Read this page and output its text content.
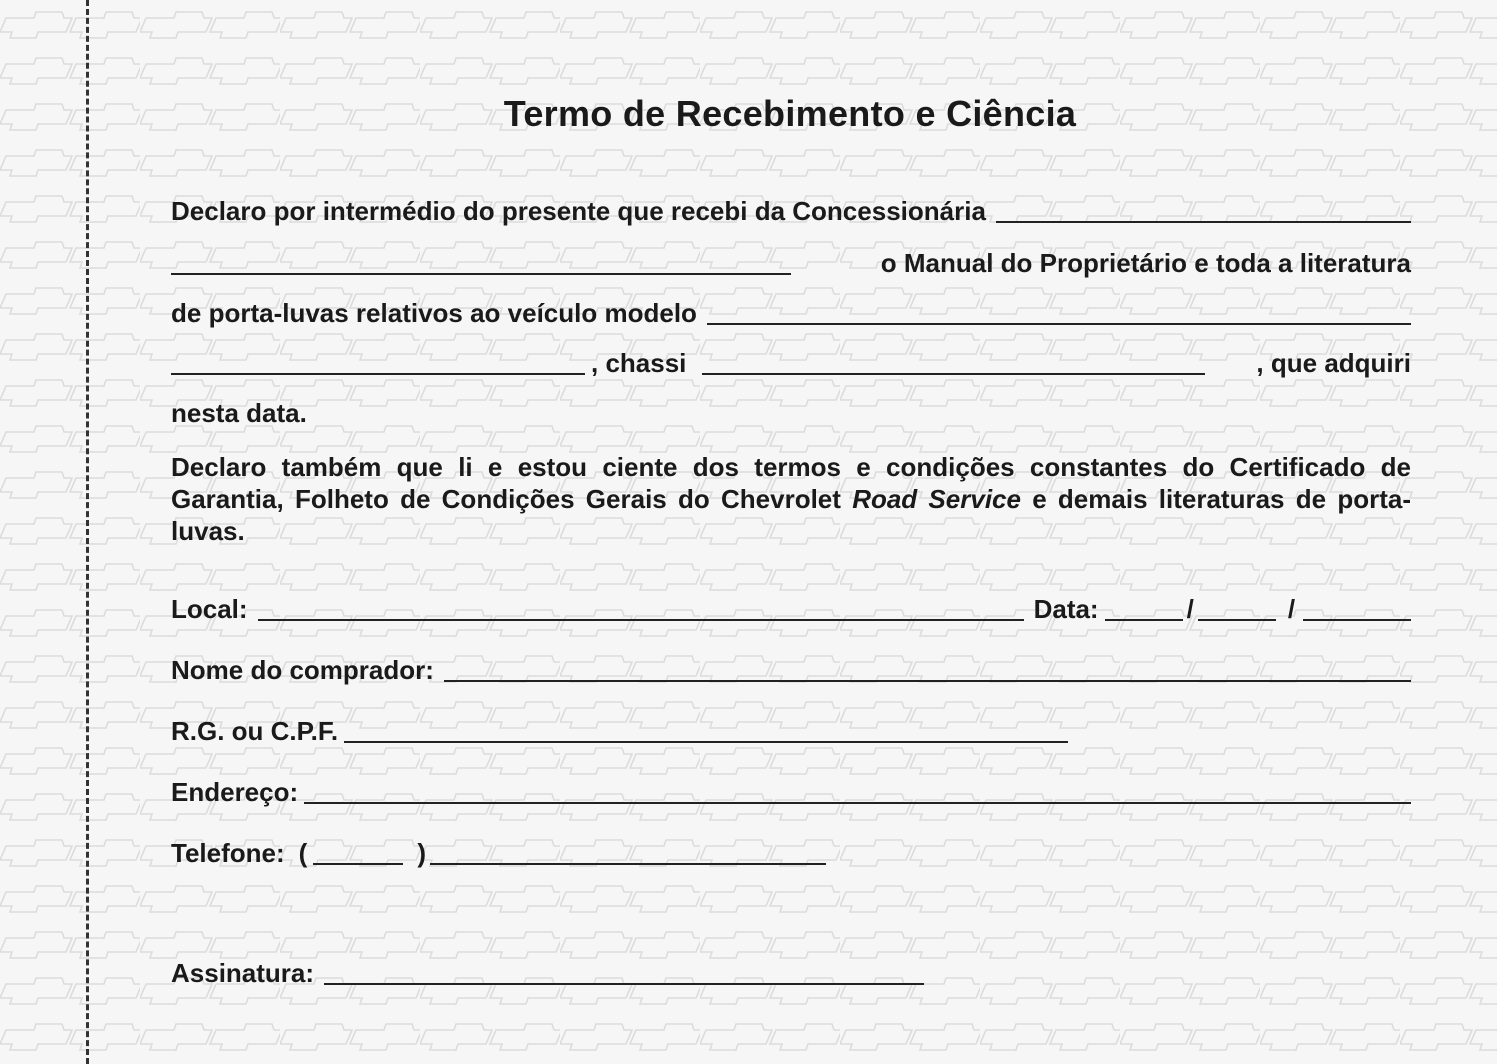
Termo de Recebimento e Ciência
Declaro por intermédio do presente que recebi da Concessionária
o Manual do Proprietário e toda a literatura
de porta-luvas relativos ao veículo modelo
, chassi	, que adquiri
nesta data.
Declaro também que li e estou ciente dos termos e condições constantes do Certificado de Garantia, Folheto de Condições Gerais do Chevrolet Road Service e demais literaturas de porta-luvas.
Local:	Data:	/	/
Nome do comprador:
R.G. ou C.P.F.
Endereço:
Telefone: (	)
Assinatura:
